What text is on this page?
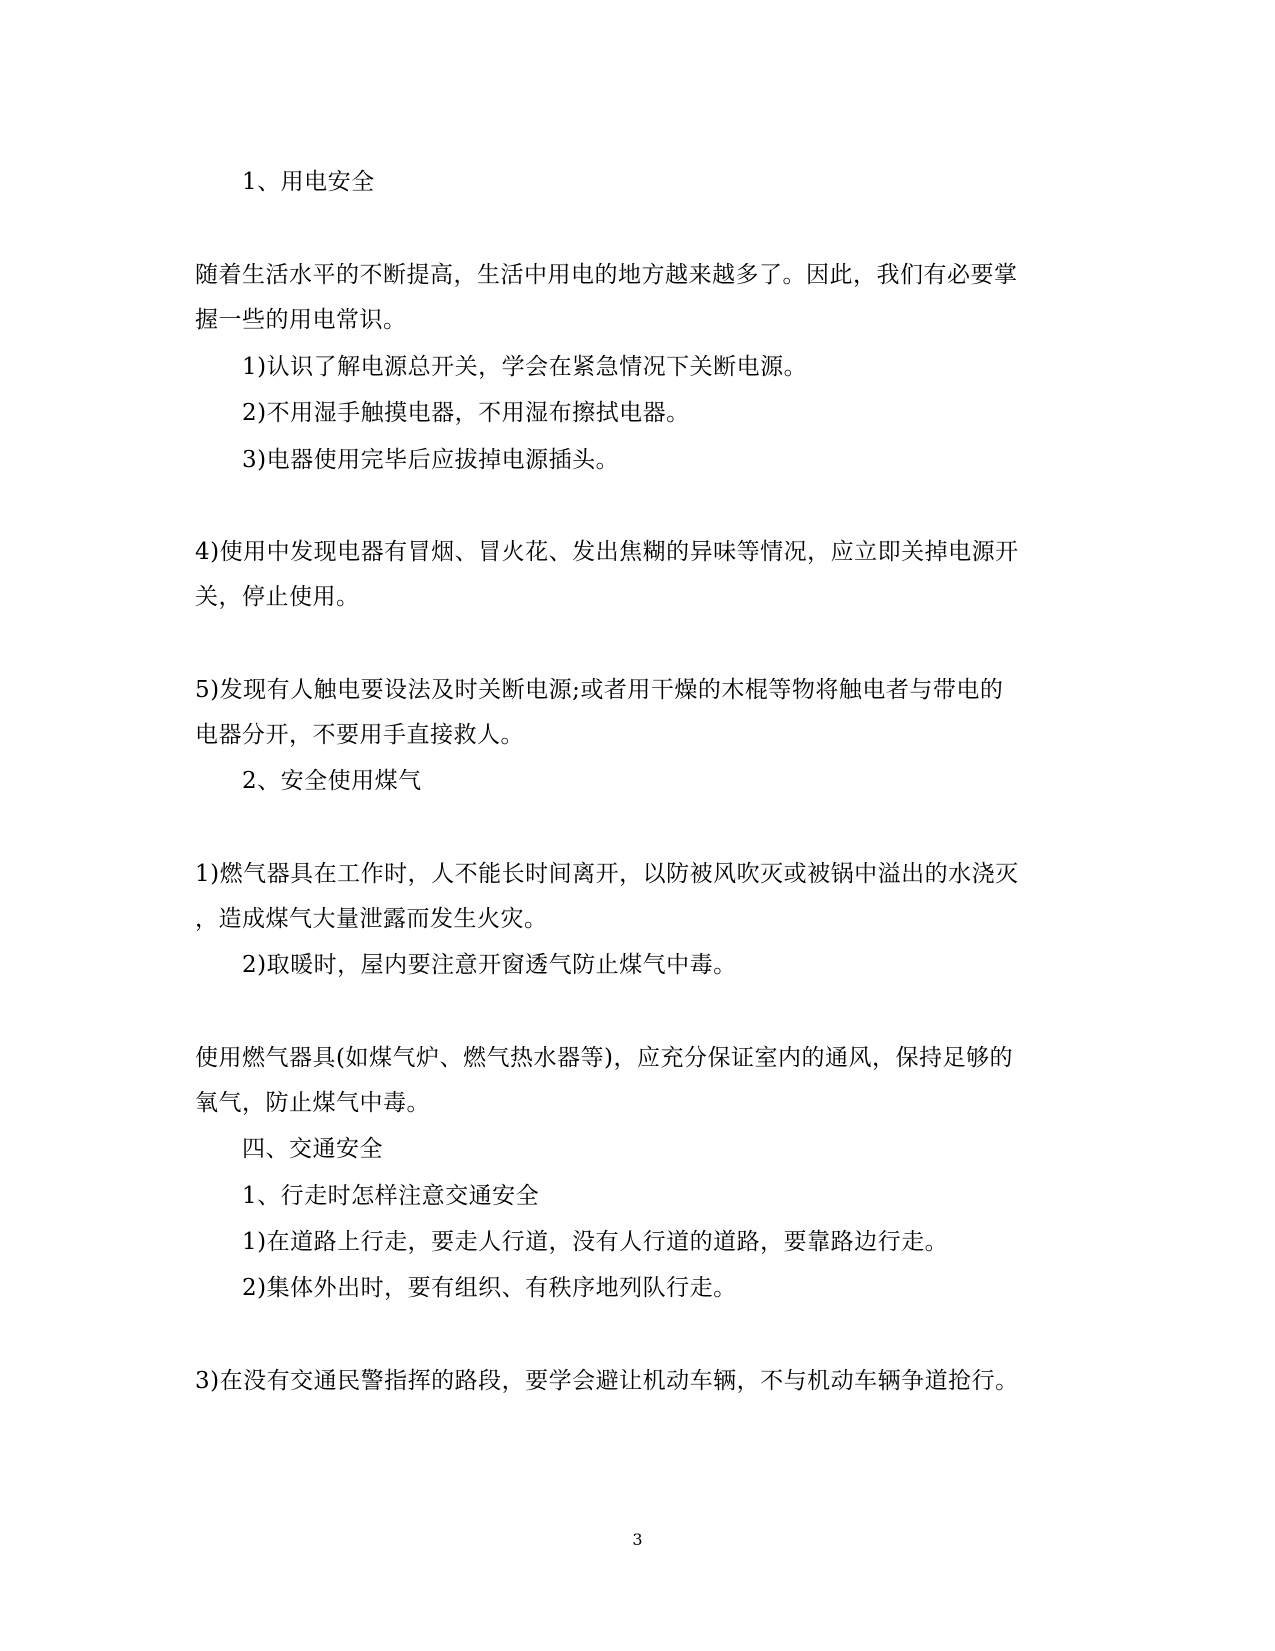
1、用电安全
随着生活水平的不断提高，生活中用电的地方越来越多了。因此，我们有必要掌
握一些的用电常识。
1)认识了解电源总开关，学会在紧急情况下关断电源。
2)不用湿手触摸电器，不用湿布擦拭电器。
3)电器使用完毕后应拔掉电源插头。
4)使用中发现电器有冒烟、冒火花、发出焦糊的异味等情况，应立即关掉电源开
关，停止使用。
5)发现有人触电要设法及时关断电源;或者用干燥的木棍等物将触电者与带电的
电器分开，不要用手直接救人。
2、安全使用煤气
1)燃气器具在工作时，人不能长时间离开，以防被风吹灭或被锅中溢出的水浇灭
，造成煤气大量泄露而发生火灾。
2)取暖时，屋内要注意开窗透气防止煤气中毒。
使用燃气器具(如煤气炉、燃气热水器等)，应充分保证室内的通风，保持足够的
氧气，防止煤气中毒。
四、交通安全
1、行走时怎样注意交通安全
1)在道路上行走，要走人行道，没有人行道的道路，要靠路边行走。
2)集体外出时，要有组织、有秩序地列队行走。
3)在没有交通民警指挥的路段，要学会避让机动车辆，不与机动车辆争道抢行。
3
